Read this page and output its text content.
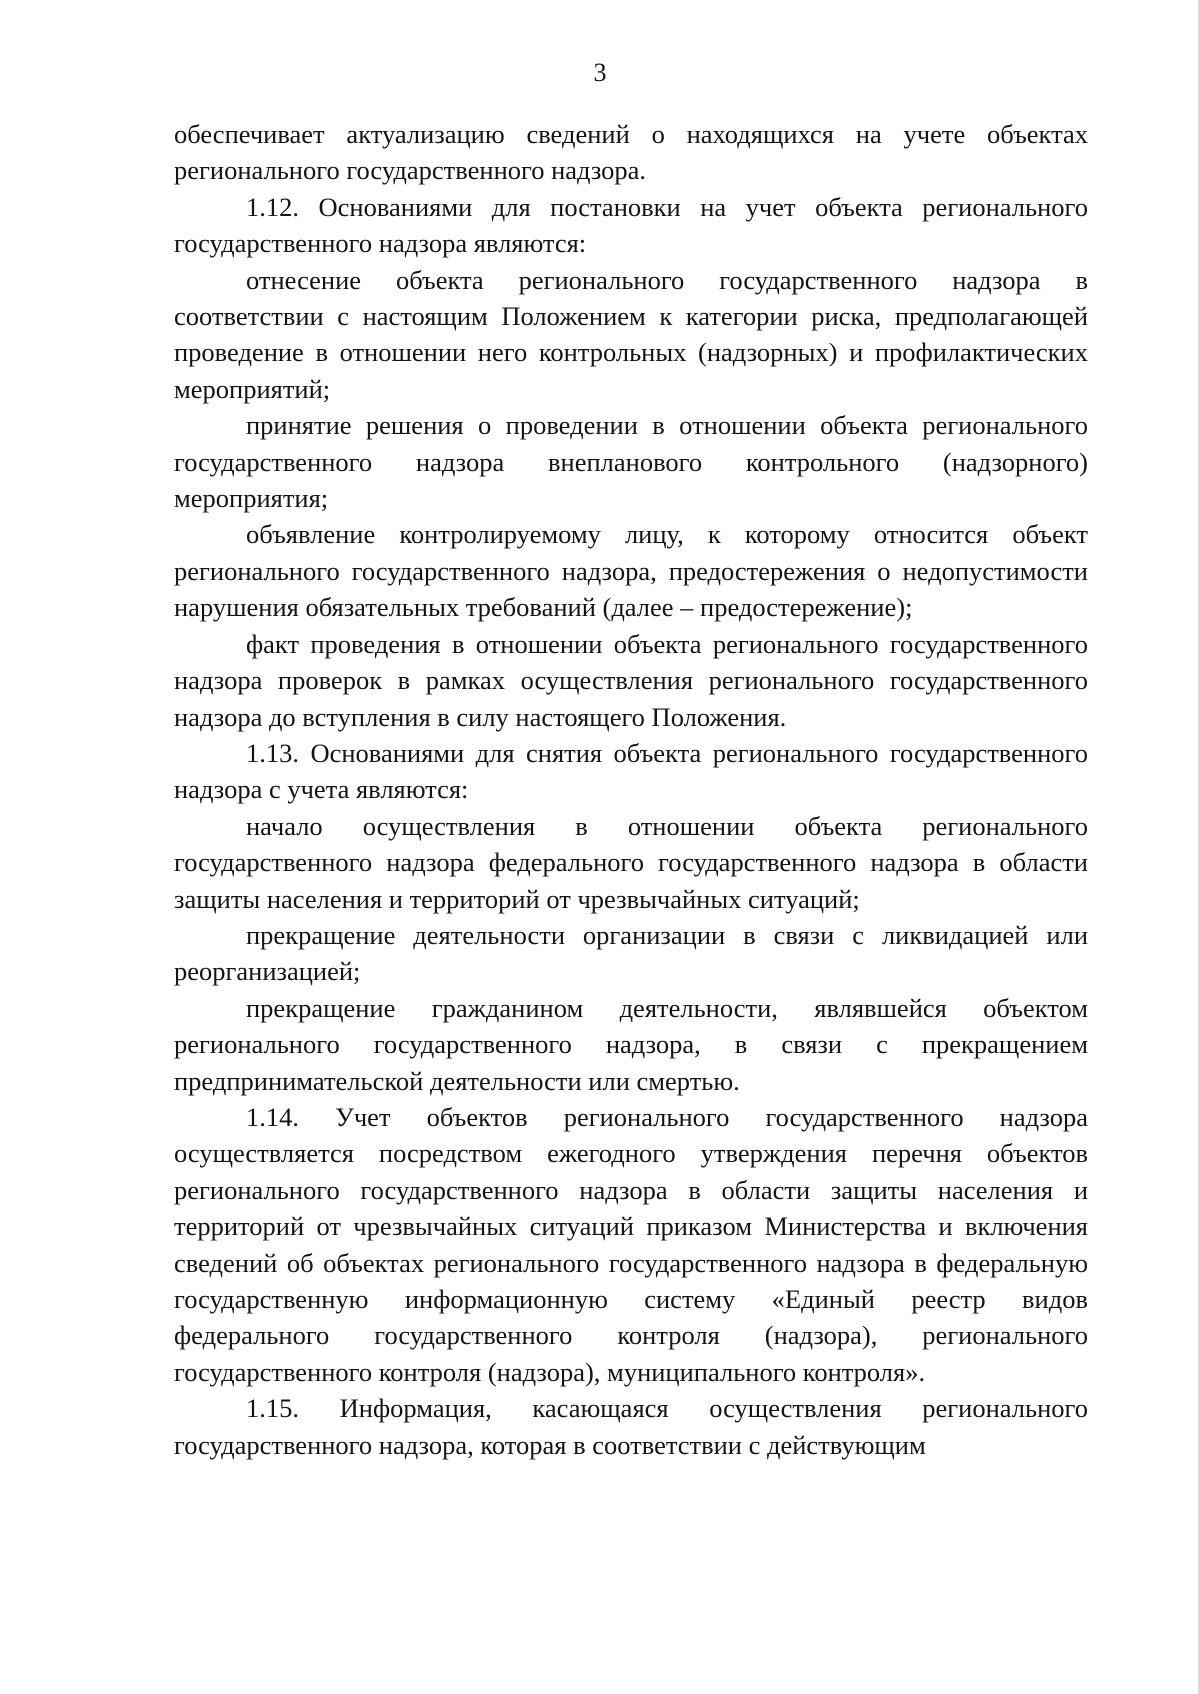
3

обеспечивает актуализацию сведений о находящихся на учете объектах регионального государственного надзора.

1.12. Основаниями для постановки на учет объекта регионального государственного надзора являются:

отнесение объекта регионального государственного надзора в соответствии с настоящим Положением к категории риска, предполагающей проведение в отношении него контрольных (надзорных) и профилактических мероприятий;

принятие решения о проведении в отношении объекта регионального государственного надзора внепланового контрольного (надзорного) мероприятия;

объявление контролируемому лицу, к которому относится объект регионального государственного надзора, предостережения о недопустимости нарушения обязательных требований (далее – предостережение);

факт проведения в отношении объекта регионального государственного надзора проверок в рамках осуществления регионального государственного надзора до вступления в силу настоящего Положения.

1.13. Основаниями для снятия объекта регионального государственного надзора с учета являются:

начало осуществления в отношении объекта регионального государственного надзора федерального государственного надзора в области защиты населения и территорий от чрезвычайных ситуаций;

прекращение деятельности организации в связи с ликвидацией или реорганизацией;

прекращение гражданином деятельности, являвшейся объектом регионального государственного надзора, в связи с прекращением предпринимательской деятельности или смертью.

1.14. Учет объектов регионального государственного надзора осуществляется посредством ежегодного утверждения перечня объектов регионального государственного надзора в области защиты населения и территорий от чрезвычайных ситуаций приказом Министерства и включения сведений об объектах регионального государственного надзора в федеральную государственную информационную систему «Единый реестр видов федерального государственного контроля (надзора), регионального государственного контроля (надзора), муниципального контроля».

1.15. Информация, касающаяся осуществления регионального государственного надзора, которая в соответствии с действующим
